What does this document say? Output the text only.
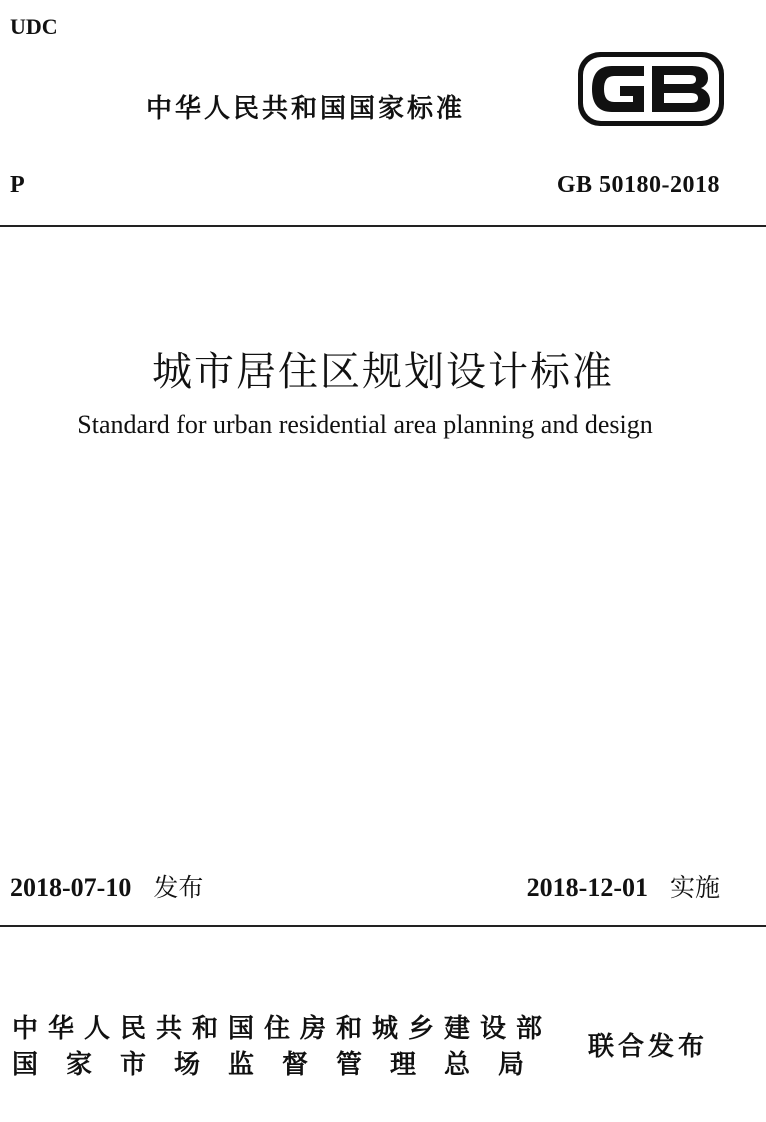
UDC
中华人民共和国国家标准
P	GB 50180-2018
城市居住区规划设计标准
Standard for urban residential area planning and design
2018-07-10 发布	2018-12-01 实施
中华人民共和国住房和城乡建设部
国家市场监督管理总局
联合发布
